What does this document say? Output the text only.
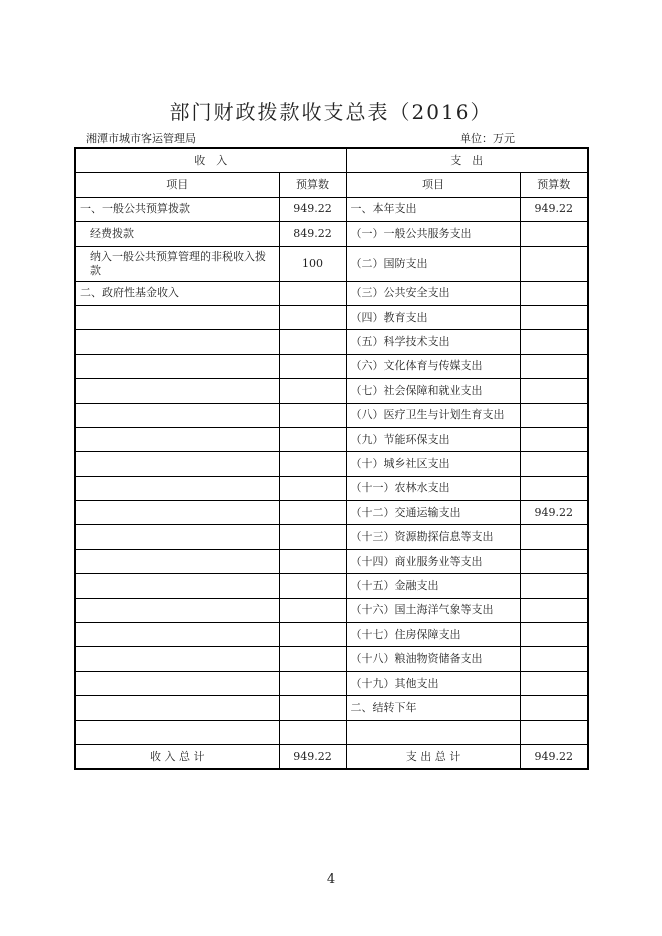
部门财政拨款收支总表（2016）
湘潭市城市客运管理局	单位：万元
收　入		支　出	
项目	预算数	项目	预算数
一、一般公共预算拨款	949.22	一、本年支出	949.22
经费拨款	849.22	（一）一般公共服务支出	
纳入一般公共预算管理的非税收入拨款	100	（二）国防支出	
二、政府性基金收入		（三）公共安全支出	
		（四）教育支出	
		（五）科学技术支出	
		（六）文化体育与传媒支出	
		（七）社会保障和就业支出	
		（八）医疗卫生与计划生育支出	
		（九）节能环保支出	
		（十）城乡社区支出	
		（十一）农林水支出	
		（十二）交通运输支出	949.22
		（十三）资源勘探信息等支出	
		（十四）商业服务业等支出	
		（十五）金融支出	
		（十六）国土海洋气象等支出	
		（十七）住房保障支出	
		（十八）粮油物资储备支出	
		（十九）其他支出	
		二、结转下年	

收 入 总 计	949.22	支 出 总 计	949.22
4
